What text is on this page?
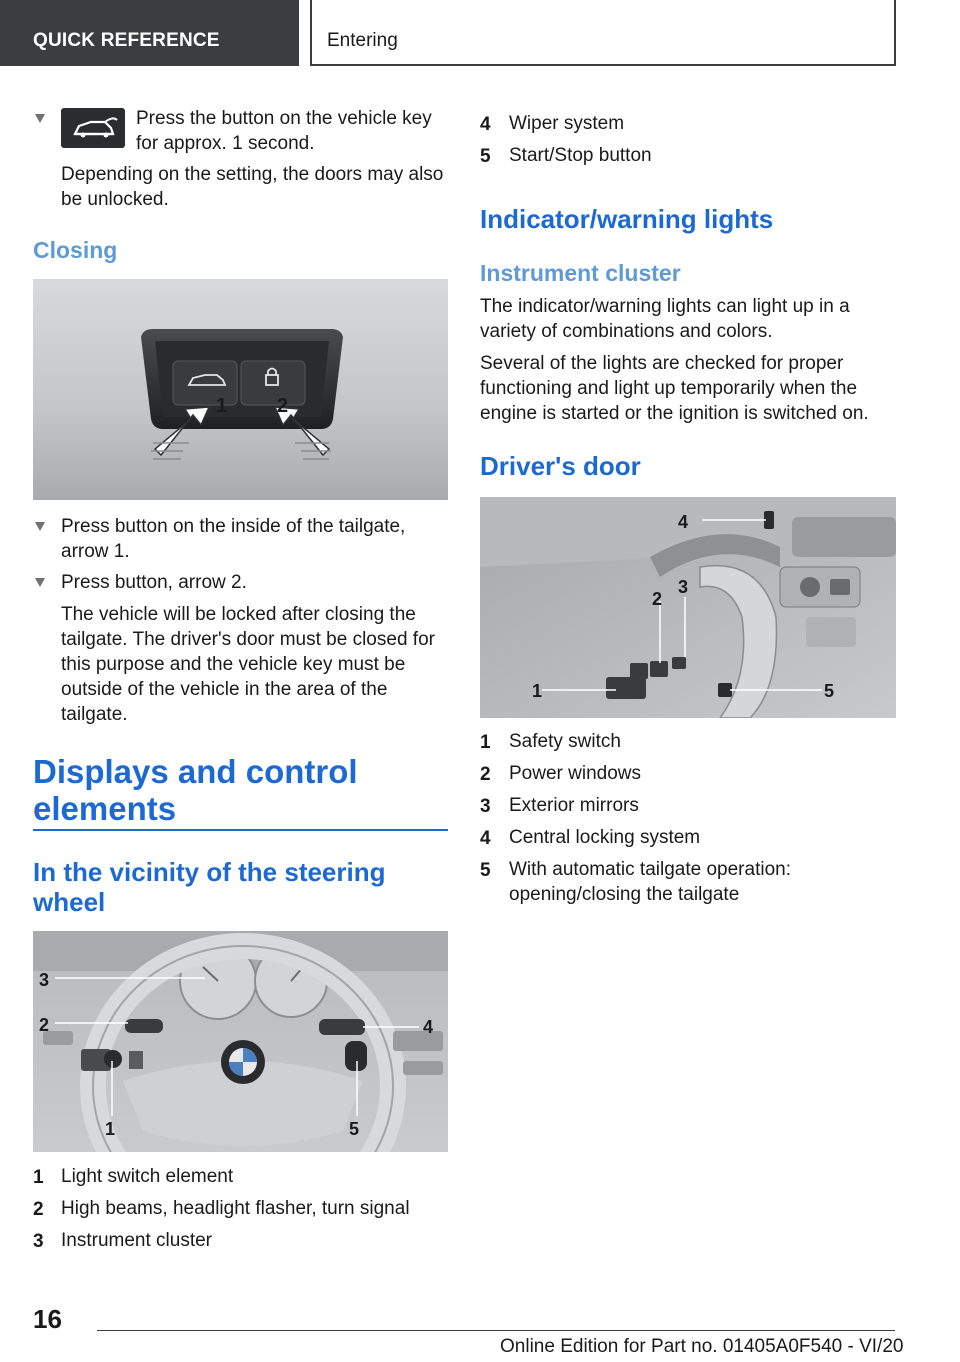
QUICK REFERENCE	Entering

Press the button on the vehicle key for approx. 1 second.

Depending on the setting, the doors may also be unlocked.

Closing
1 2

Press button on the inside of the tailgate, arrow 1.

Press button, arrow 2.

The vehicle will be locked after closing the tailgate. The driver's door must be closed for this purpose and the vehicle key must be outside of the vehicle in the area of the tailgate.

Displays and control elements
In the vicinity of the steering wheel
3
2	4
1	5
1 Light switch element
2 High beams, headlight flasher, turn signal
3 Instrument cluster
4 Wiper system
5 Start/Stop button
Indicator/warning lights
Instrument cluster

The indicator/warning lights can light up in a variety of combinations and colors.

Several of the lights are checked for proper functioning and light up temporarily when the engine is started or the ignition is switched on.

Driver's door
1
2
3
4
5
1 Safety switch
2 Power windows
3 Exterior mirrors
4 Central locking system
5 With automatic tailgate operation: opening/closing the tailgate
16
Online Edition for Part no. 01405A0F540 - VI/20
